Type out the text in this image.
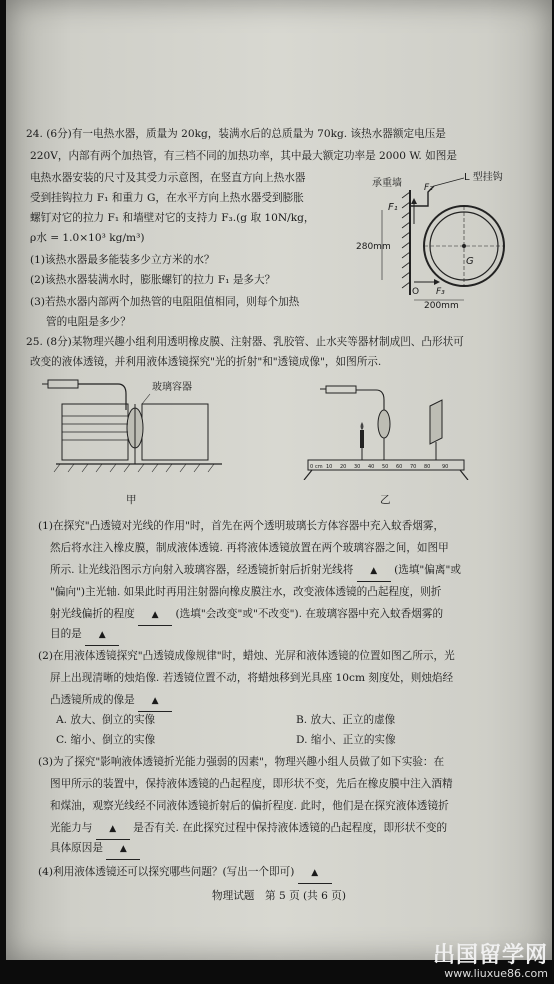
24. (6分)有一电热水器，质量为 20kg，装满水后的总质量为 70kg. 该热水器额定电压是
220V，内部有两个加热管，有三档不同的加热功率，其中最大额定功率是 2000 W. 如图是
电热水器安装的尺寸及其受力示意图，在竖直方向上热水器
受到挂钩拉力 F₁ 和重力 G，在水平方向上热水器受到膨胀
螺钉对它的拉力 F₁ 和墙壁对它的支持力 F₃.(g 取 10N/kg，
ρ水 = 1.0×10³ kg/m³)
(1)该热水器最多能装多少立方米的水？
(2)该热水器装满水时，膨胀螺钉的拉力 F₁ 是多大？
(3)若热水器内部两个加热管的电阻阻值相同，则每个加热
管的电阻是多少？
承重墙
L 型挂钩
G
F₁
F₂
O F₃
280mm
200mm
25. (8分)某物理兴趣小组利用透明橡皮膜、注射器、乳胶管、止水夹等器材制成凹、凸形状可
改变的液体透镜，并利用液体透镜探究"光的折射"和"透镜成像"，如图所示.
玻璃容器
甲
0 cm 10 20 30 40 50 60 70 80 90
乙
(1)在探究"凸透镜对光线的作用"时，首先在两个透明玻璃长方体容器中充入蚊香烟雾，
然后将水注入橡皮膜，制成液体透镜. 再将液体透镜放置在两个玻璃容器之间，如图甲
所示. 让光线沿图示方向射入玻璃容器，经透镜折射后折射光线将 ▲ (选填"偏离"或
"偏向")主光轴. 如果此时再用注射器向橡皮膜注水，改变液体透镜的凸起程度，则折
射光线偏折的程度 ▲ (选填"会改变"或"不改变"). 在玻璃容器中充入蚊香烟雾的
目的是 ▲
(2)在用液体透镜探究"凸透镜成像规律"时，蜡烛、光屏和液体透镜的位置如图乙所示，光
屏上出现清晰的烛焰像. 若透镜位置不动，将蜡烛移到光具座 10cm 刻度处，则烛焰经
凸透镜所成的像是 ▲
A. 放大、倒立的实像	B. 放大、正立的虚像
C. 缩小、倒立的实像	D. 缩小、正立的实像
(3)为了探究"影响液体透镜折光能力强弱的因素"，物理兴趣小组人员做了如下实验：在
图甲所示的装置中，保持液体透镜的凸起程度，即形状不变，先后在橡皮膜中注入酒精
和煤油，观察光线经不同液体透镜折射后的偏折程度. 此时，他们是在探究液体透镜折
光能力与 ▲ 是否有关. 在此探究过程中保持液体透镜的凸起程度，即形状不变的
具体原因是 ▲
(4)利用液体透镜还可以探究哪些问题？(写出一个即可) ▲
物理试题　第 5 页 (共 6 页)
出国留学网
www.liuxue86.com
